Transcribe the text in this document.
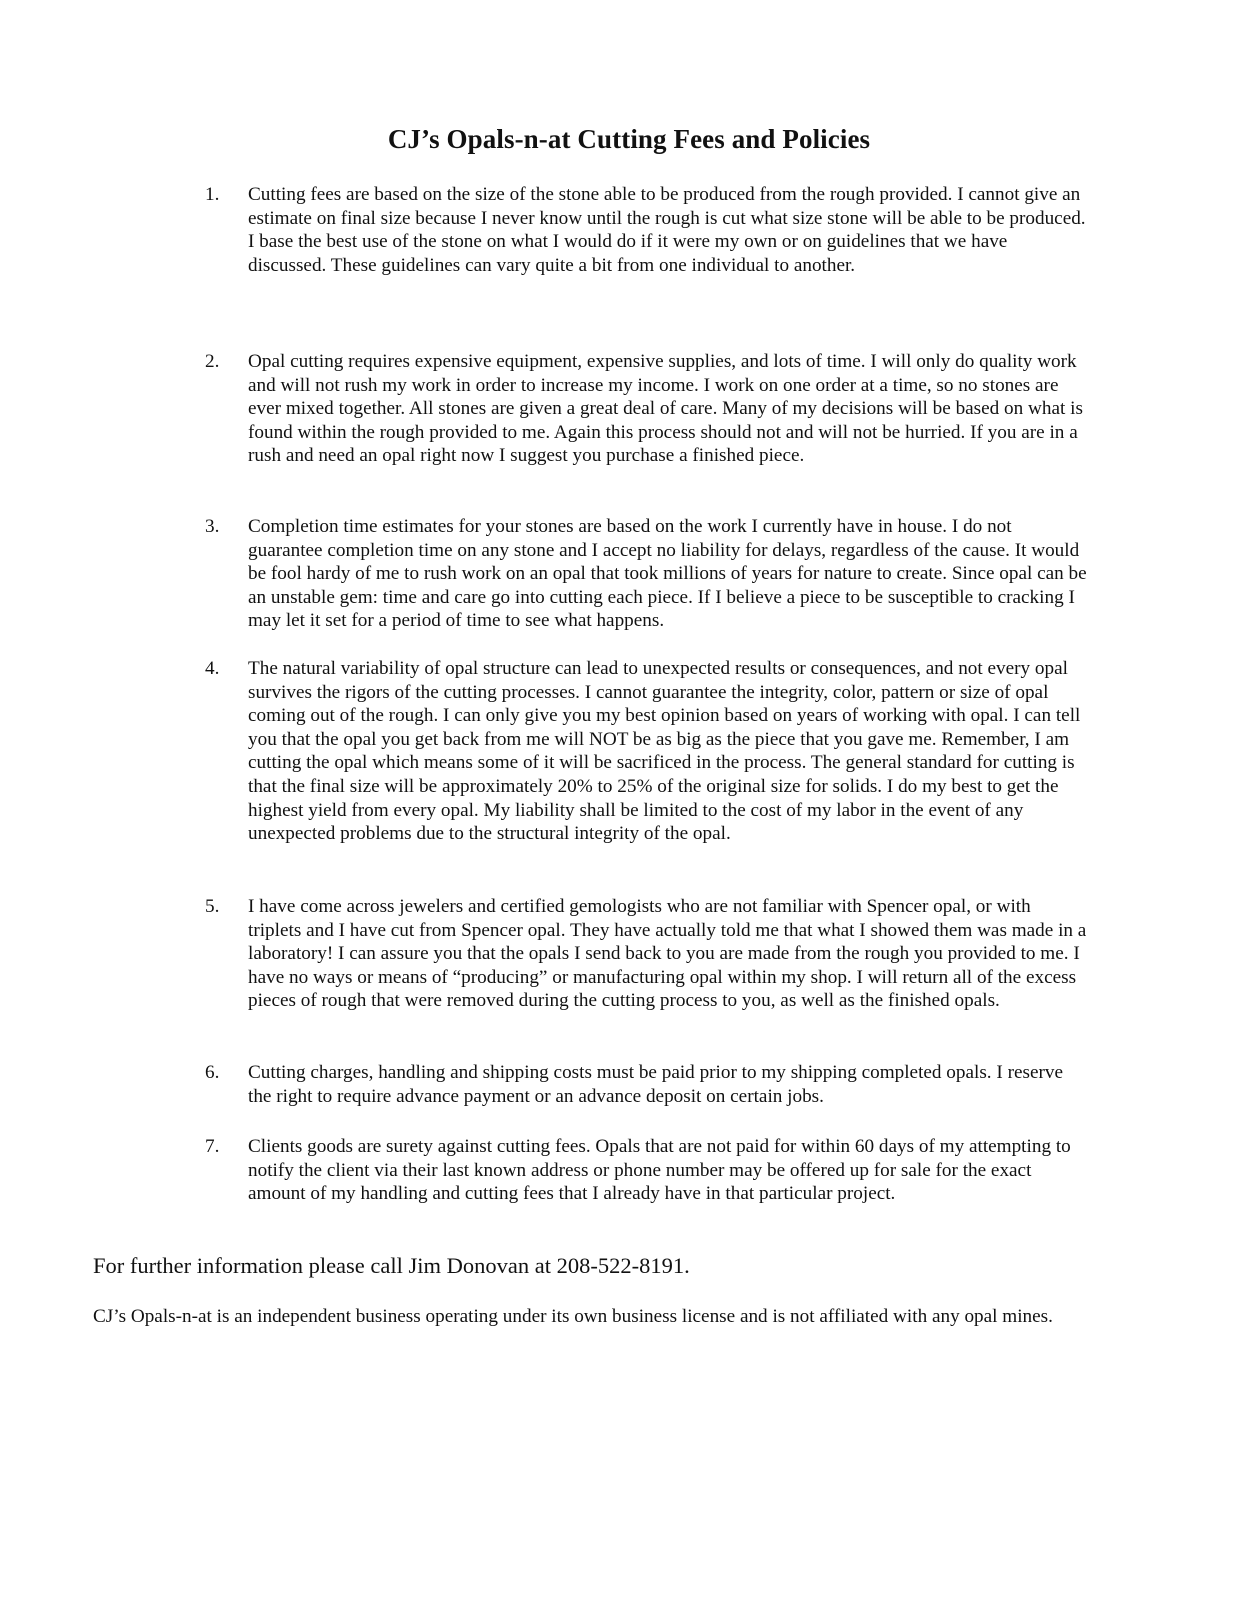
CJ’s Opals-n-at Cutting Fees and Policies
1.	Cutting fees are based on the size of the stone able to be produced from the rough provided. I cannot give an estimate on final size because I never know until the rough is cut what size stone will be able to be produced. I base the best use of the stone on what I would do if it were my own or on guidelines that we have discussed. These guidelines can vary quite a bit from one individual to another.
2.	Opal cutting requires expensive equipment, expensive supplies, and lots of time. I will only do quality work and will not rush my work in order to increase my income. I work on one order at a time, so no stones are ever mixed together. All stones are given a great deal of care. Many of my decisions will be based on what is found within the rough provided to me. Again this process should not and will not be hurried. If you are in a rush and need an opal right now I suggest you purchase a finished piece.
3.	Completion time estimates for your stones are based on the work I currently have in house. I do not guarantee completion time on any stone and I accept no liability for delays, regardless of the cause. It would be fool hardy of me to rush work on an opal that took millions of years for nature to create. Since opal can be an unstable gem: time and care go into cutting each piece. If I believe a piece to be susceptible to cracking I may let it set for a period of time to see what happens.
4.	The natural variability of opal structure can lead to unexpected results or consequences, and not every opal survives the rigors of the cutting processes. I cannot guarantee the integrity, color, pattern or size of opal coming out of the rough. I can only give you my best opinion based on years of working with opal. I can tell you that the opal you get back from me will NOT be as big as the piece that you gave me. Remember, I am cutting the opal which means some of it will be sacrificed in the process. The general standard for cutting is that the final size will be approximately 20% to 25% of the original size for solids. I do my best to get the highest yield from every opal. My liability shall be limited to the cost of my labor in the event of any unexpected problems due to the structural integrity of the opal.
5.	I have come across jewelers and certified gemologists who are not familiar with Spencer opal, or with triplets and I have cut from Spencer opal. They have actually told me that what I showed them was made in a laboratory! I can assure you that the opals I send back to you are made from the rough you provided to me. I have no ways or means of “producing” or manufacturing opal within my shop. I will return all of the excess pieces of rough that were removed during the cutting process to you, as well as the finished opals.
6.	Cutting charges, handling and shipping costs must be paid prior to my shipping completed opals. I reserve the right to require advance payment or an advance deposit on certain jobs.
7.	Clients goods are surety against cutting fees. Opals that are not paid for within 60 days of my attempting to notify the client via their last known address or phone number may be offered up for sale for the exact amount of my handling and cutting fees that I already have in that particular project.
For further information please call Jim Donovan at 208-522-8191.
CJ’s Opals-n-at is an independent business operating under its own business license and is not affiliated with any opal mines.
